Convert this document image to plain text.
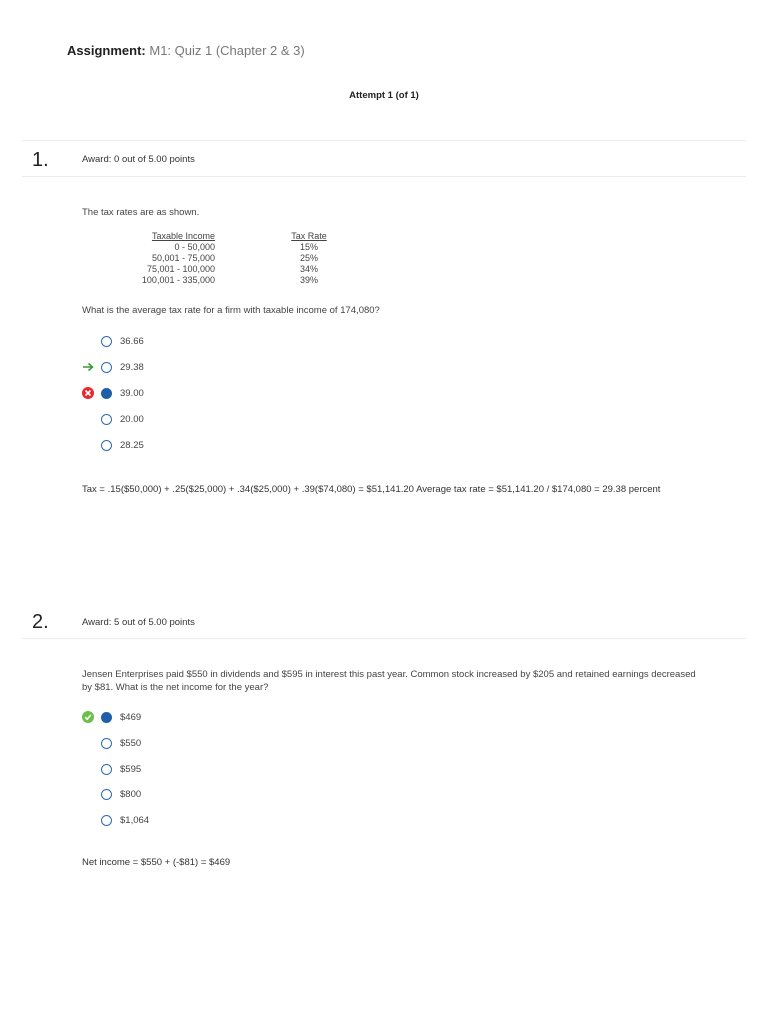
Assignment: M1: Quiz 1 (Chapter 2 & 3)
Attempt 1 (of 1)
1.	Award: 0 out of 5.00 points
The tax rates are as shown.
Taxable Income	Tax Rate
0 - 50,000	15%
50,001 - 75,000	25%
75,001 - 100,000	34%
100,001 - 335,000	39%
What is the average tax rate for a firm with taxable income of 174,080?
36.66
29.38
39.00
20.00
28.25
Tax = .15($50,000) + .25($25,000) + .34($25,000) + .39($74,080) = $51,141.20 Average tax rate = $51,141.20 / $174,080 = 29.38 percent
2.	Award: 5 out of 5.00 points
Jensen Enterprises paid $550 in dividends and $595 in interest this past year. Common stock increased by $205 and retained earnings decreased
by $81. What is the net income for the year?
$469
$550
$595
$800
$1,064
Net income = $550 + (-$81) = $469
